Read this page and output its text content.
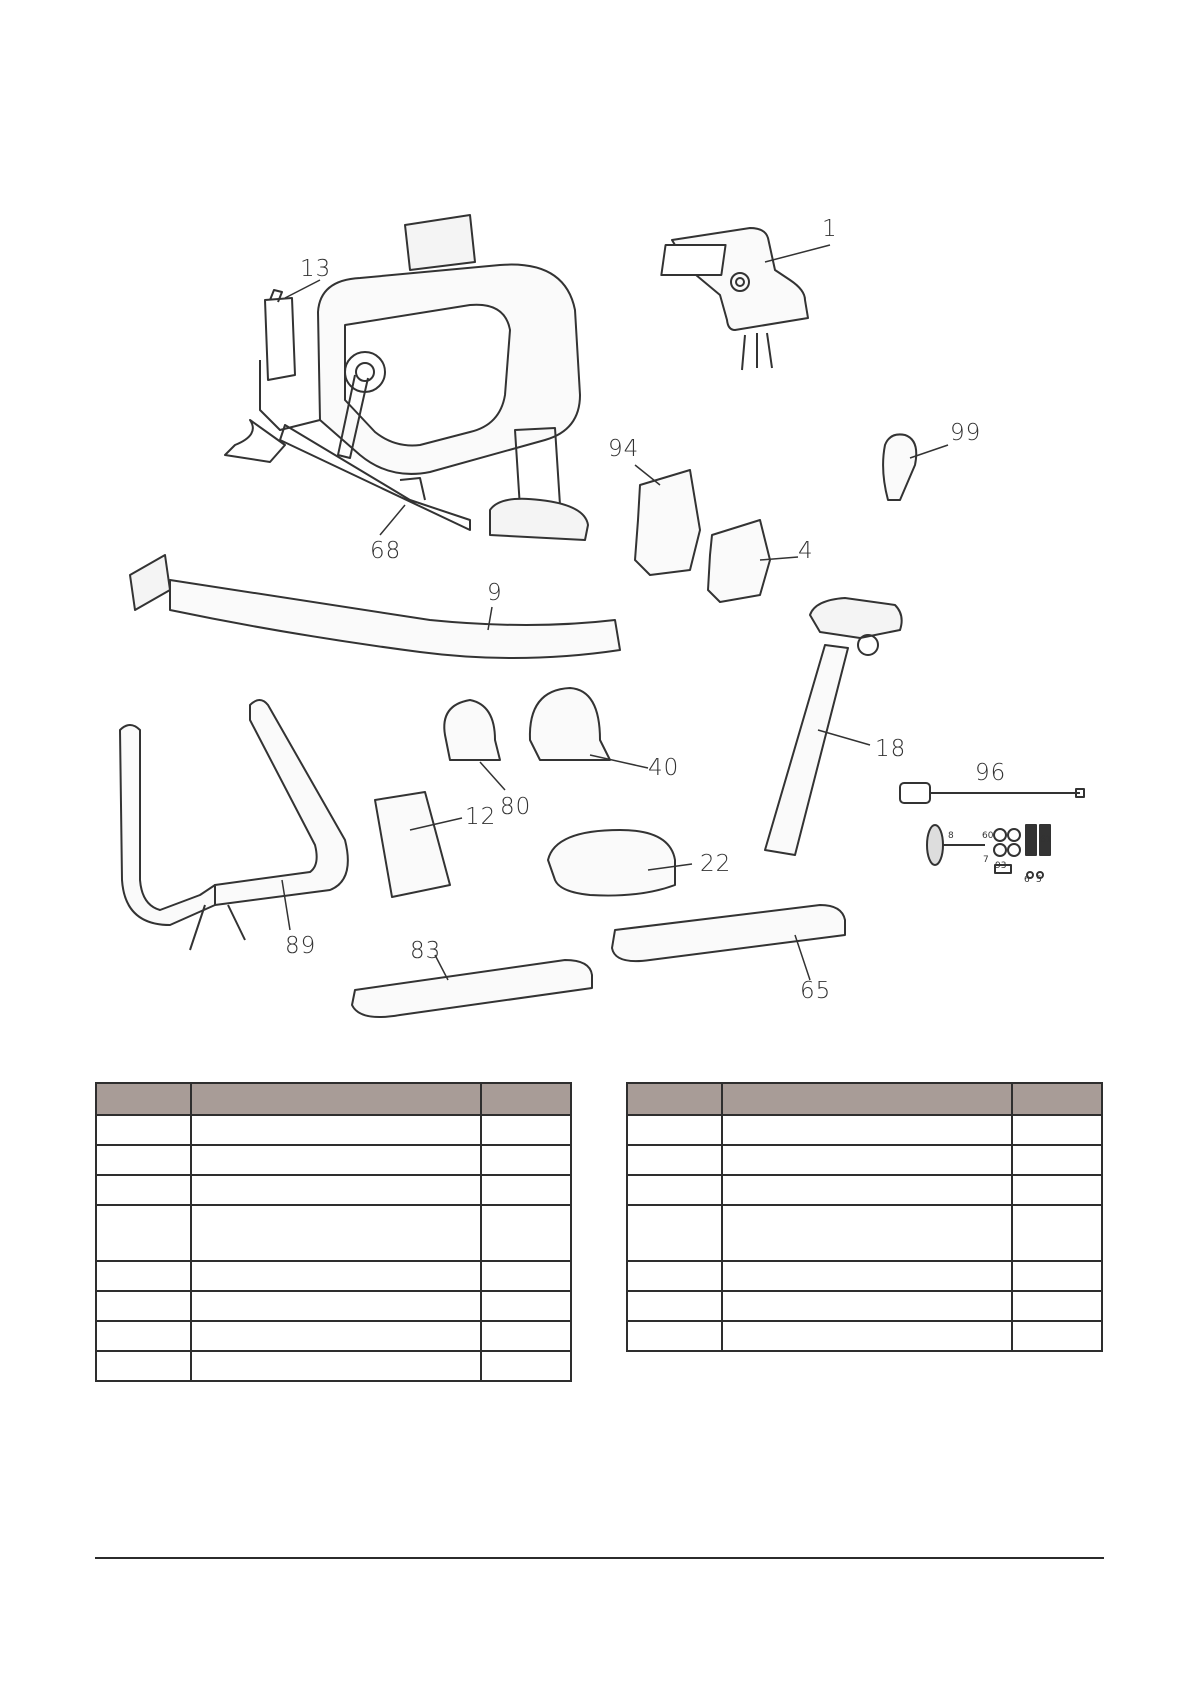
8	60	61
93
7
6 5
1
13
99
94
68	4
9
18
40
80
12
96
22
89	83
65
